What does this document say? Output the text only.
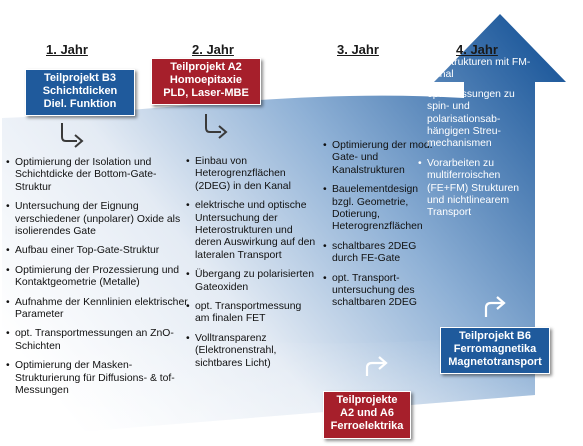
1. Jahr	2. Jahr	3. Jahr	4. Jahr
Teilprojekt B3
Schichtdicken
Diel. Funktion
Teilprojekt A2
Homoepitaxie
PLD, Laser-MBE
Teilprojekte
A2 und A6
Ferroelektrika
Teilprojekt B6
Ferromagnetika
Magnetotransport
• Optimierung der Isolation und Schichtdicke der Bottom-Gate-Struktur
• Untersuchung der Eignung verschiedener (unpolarer) Oxide als isolierendes Gate
• Aufbau einer Top-Gate-Struktur
• Optimierung der Prozessierung und Kontaktgeometrie (Metalle)
• Aufnahme der Kennlinien elektrischer Parameter
• opt. Transportmessungen an ZnO-Schichten
• Optimierung der Masken-Strukturierung für Diffusions- & tof-Messungen
• Einbau von Heterogrenzflächen (2DEG) in den Kanal
• elektrische und optische Untersuchung der Heterostrukturen und deren Auswirkung auf den lateralen Transport
• Übergang zu polarisierten Gateoxiden
• opt. Transportmessung am finalen FET
• Volltransparenz (Elektronenstrahl, sichtbares Licht)
• Optimierung der mod. Gate- und Kanalstrukturen
• Bauelementdesign bzgl. Geometrie, Dotierung, Heterogrenzflächen
• schaltbares 2DEG durch FE-Gate
• opt. Transport-untersuchung des schaltbaren 2DEG
• Teststrukturen mit FM-Kanal
• opt. Messungen zu spin- und polarisationsab-hängigen Streu-mechanismen
• Vorarbeiten zu multiferroischen (FE+FM) Strukturen und nichtlinearem Transport
